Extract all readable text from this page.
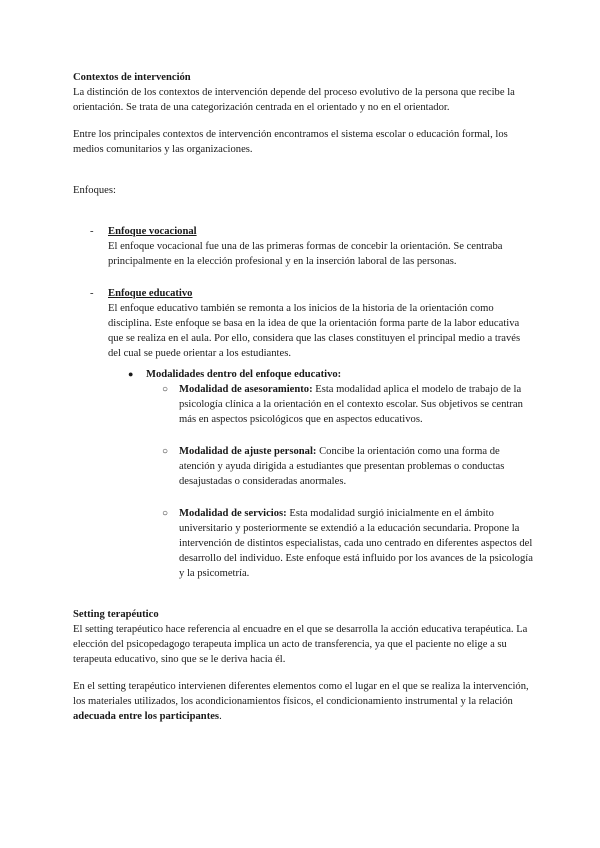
Contextos de intervención

La distinción de los contextos de intervención depende del proceso evolutivo de la persona que recibe la orientación. Se trata de una categorización centrada en el orientado y no en el orientador.

Entre los principales contextos de intervención encontramos el sistema escolar o educación formal, los medios comunitarios y las organizaciones.

Enfoques:

- Enfoque vocacional

El enfoque vocacional fue una de las primeras formas de concebir la orientación. Se centraba principalmente en la elección profesional y en la inserción laboral de las personas.

- Enfoque educativo

El enfoque educativo también se remonta a los inicios de la historia de la orientación como disciplina. Este enfoque se basa en la idea de que la orientación forma parte de la labor educativa que se realiza en el aula. Por ello, considera que las clases constituyen el principal medio a través del cual se puede orientar a los estudiantes.

● Modalidades dentro del enfoque educativo:

○ Modalidad de asesoramiento: Esta modalidad aplica el modelo de trabajo de la psicología clínica a la orientación en el contexto escolar. Sus objetivos se centran más en aspectos psicológicos que en aspectos educativos.

○ Modalidad de ajuste personal: Concibe la orientación como una forma de atención y ayuda dirigida a estudiantes que presentan problemas o conductas desajustadas o consideradas anormales.

○ Modalidad de servicios: Esta modalidad surgió inicialmente en el ámbito universitario y posteriormente se extendió a la educación secundaria. Propone la intervención de distintos especialistas, cada uno centrado en diferentes aspectos del desarrollo del individuo. Este enfoque está influido por los avances de la psicología y la psicometría.

Setting terapéutico

El setting terapéutico hace referencia al encuadre en el que se desarrolla la acción educativa terapéutica. La elección del psicopedagogo terapeuta implica un acto de transferencia, ya que el paciente no elige a su terapeuta educativo, sino que se le deriva hacia él.

En el setting terapéutico intervienen diferentes elementos como el lugar en el que se realiza la intervención, los materiales utilizados, los acondicionamientos físicos, el condicionamiento instrumental y la relación adecuada entre los participantes.
